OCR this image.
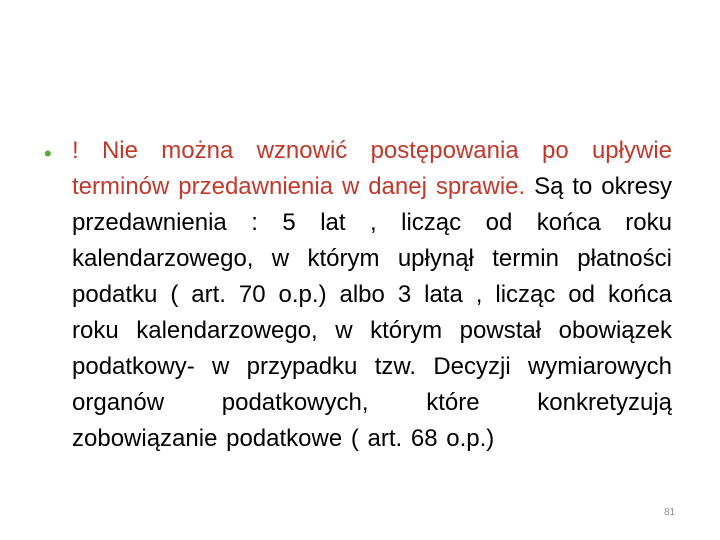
• ! Nie można wznowić postępowania po upływie terminów przedawnienia w danej sprawie. Są to okresy przedawnienia : 5 lat , licząc od końca roku kalendarzowego, w którym upłynął termin płatności podatku ( art. 70 o.p.) albo 3 lata , licząc od końca roku kalendarzowego, w którym powstał obowiązek podatkowy- w przypadku tzw. Decyzji wymiarowych organów podatkowych, które konkretyzują zobowiązanie podatkowe ( art. 68 o.p.)
81
